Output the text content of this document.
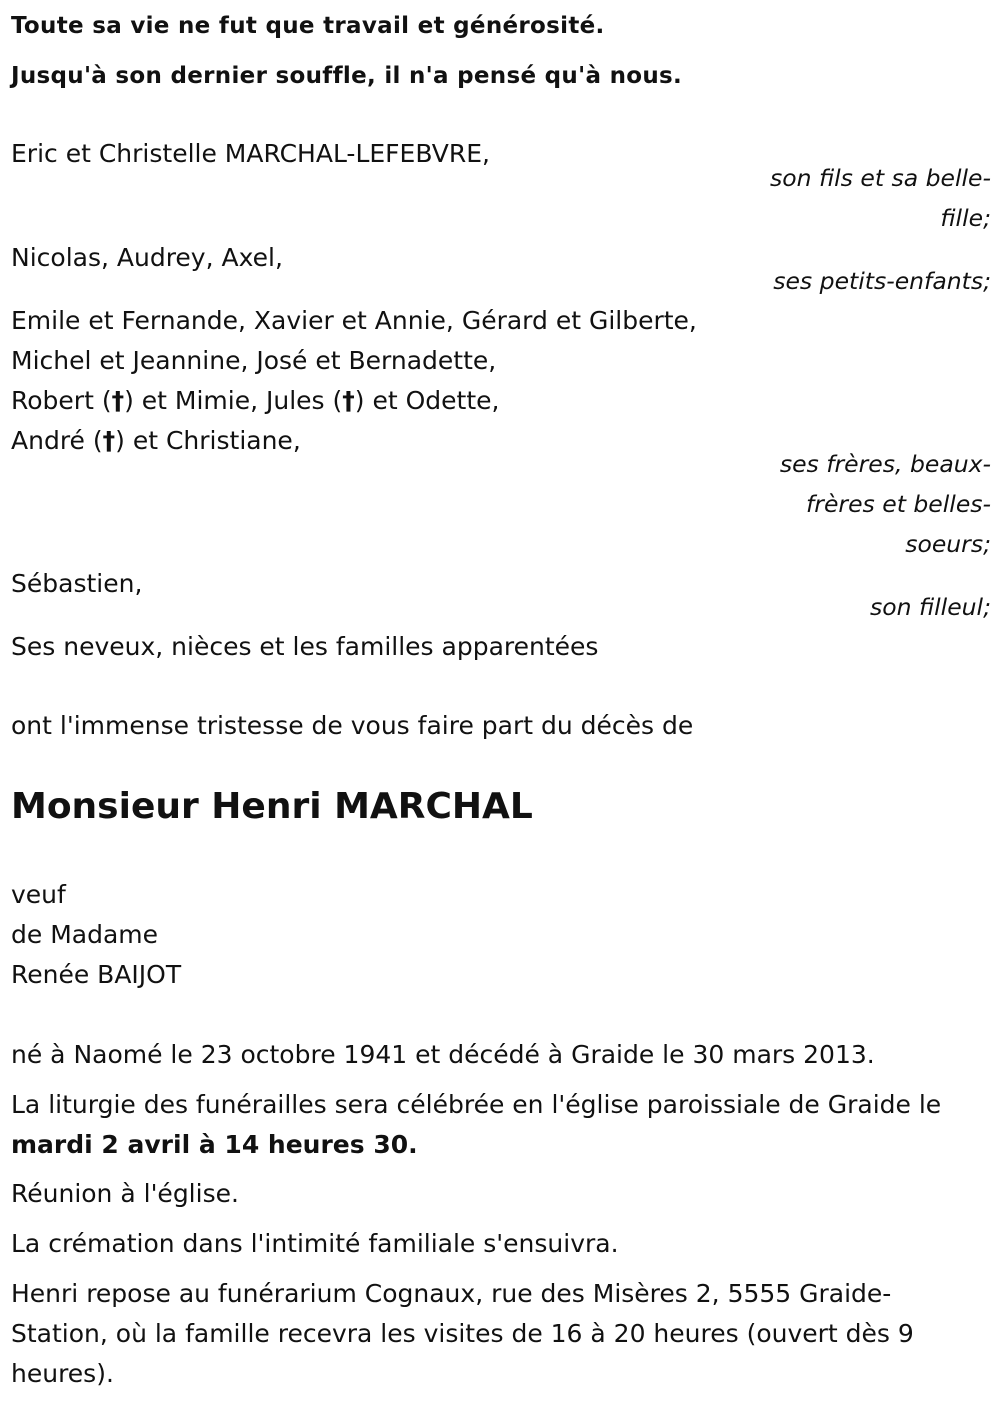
Toute sa vie ne fut que travail et générosité.
Jusqu'à son dernier souffle, il n'a pensé qu'à nous.
Eric et Christelle MARCHAL-LEFEBVRE,
son fils et sa belle-
fille;
Nicolas, Audrey, Axel,
ses petits-enfants;
Emile et Fernande, Xavier et Annie, Gérard et Gilberte,
Michel et Jeannine, José et Bernadette,
Robert (†) et Mimie, Jules (†) et Odette,
André (†) et Christiane,
ses frères, beaux-
frères et belles-
soeurs;
Sébastien,
son filleul;
Ses neveux, nièces et les familles apparentées
ont l'immense tristesse de vous faire part du décès de
Monsieur Henri MARCHAL
veuf
de Madame
Renée BAIJOT
né à Naomé le 23 octobre 1941 et décédé à Graide le 30 mars 2013.
La liturgie des funérailles sera célébrée en l'église paroissiale de Graide le
mardi 2 avril à 14 heures 30.
Réunion à l'église.
La crémation dans l'intimité familiale s'ensuivra.
Henri repose au funérarium Cognaux, rue des Misères 2, 5555 Graide-
Station, où la famille recevra les visites de 16 à 20 heures (ouvert dès 9
heures).
